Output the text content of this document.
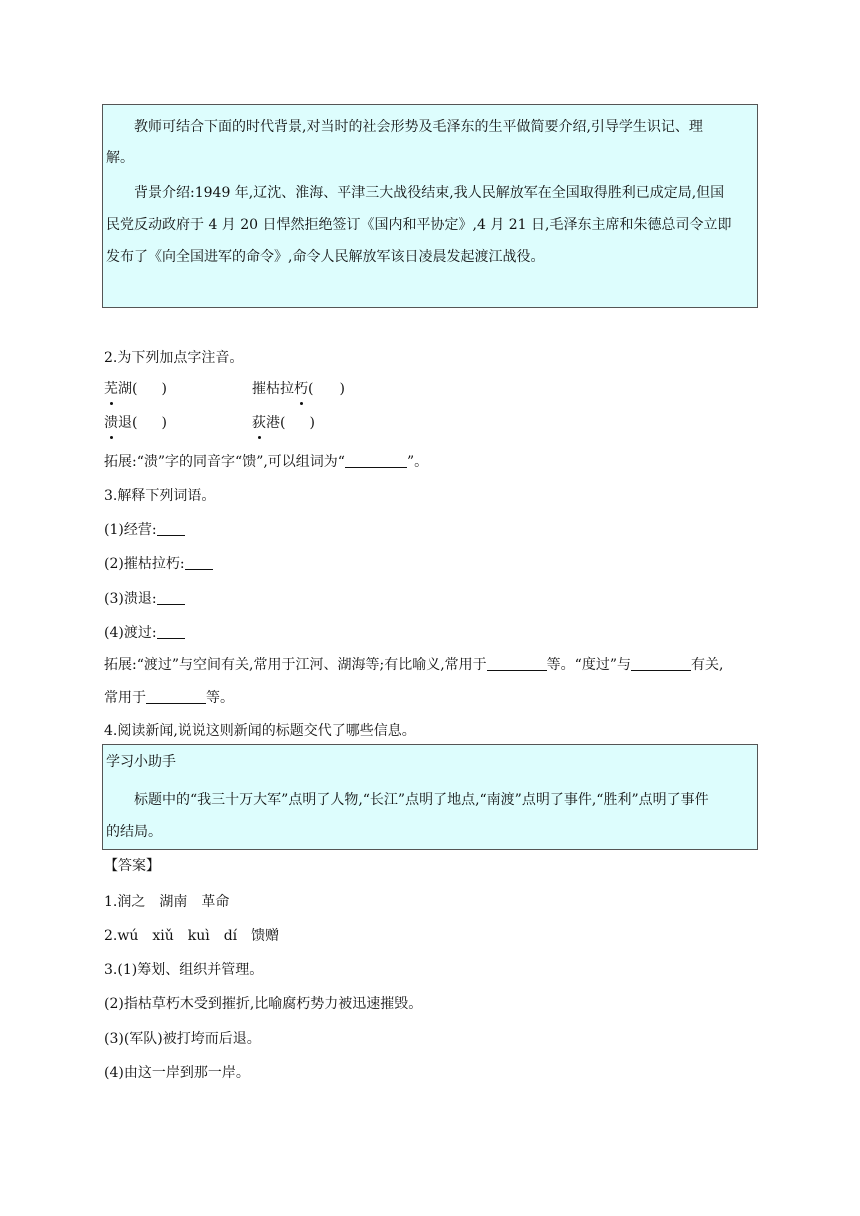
教师可结合下面的时代背景,对当时的社会形势及毛泽东的生平做简要介绍,引导学生识记、理
解。
背景介绍:1949 年,辽沈、淮海、平津三大战役结束,我人民解放军在全国取得胜利已成定局,但国
民党反动政府于 4 月 20 日悍然拒绝签订《国内和平协定》,4 月 21 日,毛泽东主席和朱德总司令立即
发布了《向全国进军的命令》,命令人民解放军该日凌晨发起渡江战役。
2.为下列加点字注音。
芜湖( )	摧枯拉朽( )
溃退( )	荻港( )
拓展:“溃”字的同音字“馈”,可以组词为“	”。
3.解释下列词语。
(1)经营:
(2)摧枯拉朽:
(3)溃退:
(4)渡过:
拓展:“渡过”与空间有关,常用于江河、湖海等;有比喻义,常用于	等。“度过”与	有关,
常用于	等。
4.阅读新闻,说说这则新闻的标题交代了哪些信息。
学习小助手
标题中的“我三十万大军”点明了人物,“长江”点明了地点,“南渡”点明了事件,“胜利”点明了事件
的结局。
【答案】
1.润之　湖南　革命
2.wú　xiǔ　kuì　dí　馈赠
3.(1)筹划、组织并管理。
(2)指枯草朽木受到摧折,比喻腐朽势力被迅速摧毁。
(3)(军队)被打垮而后退。
(4)由这一岸到那一岸。
